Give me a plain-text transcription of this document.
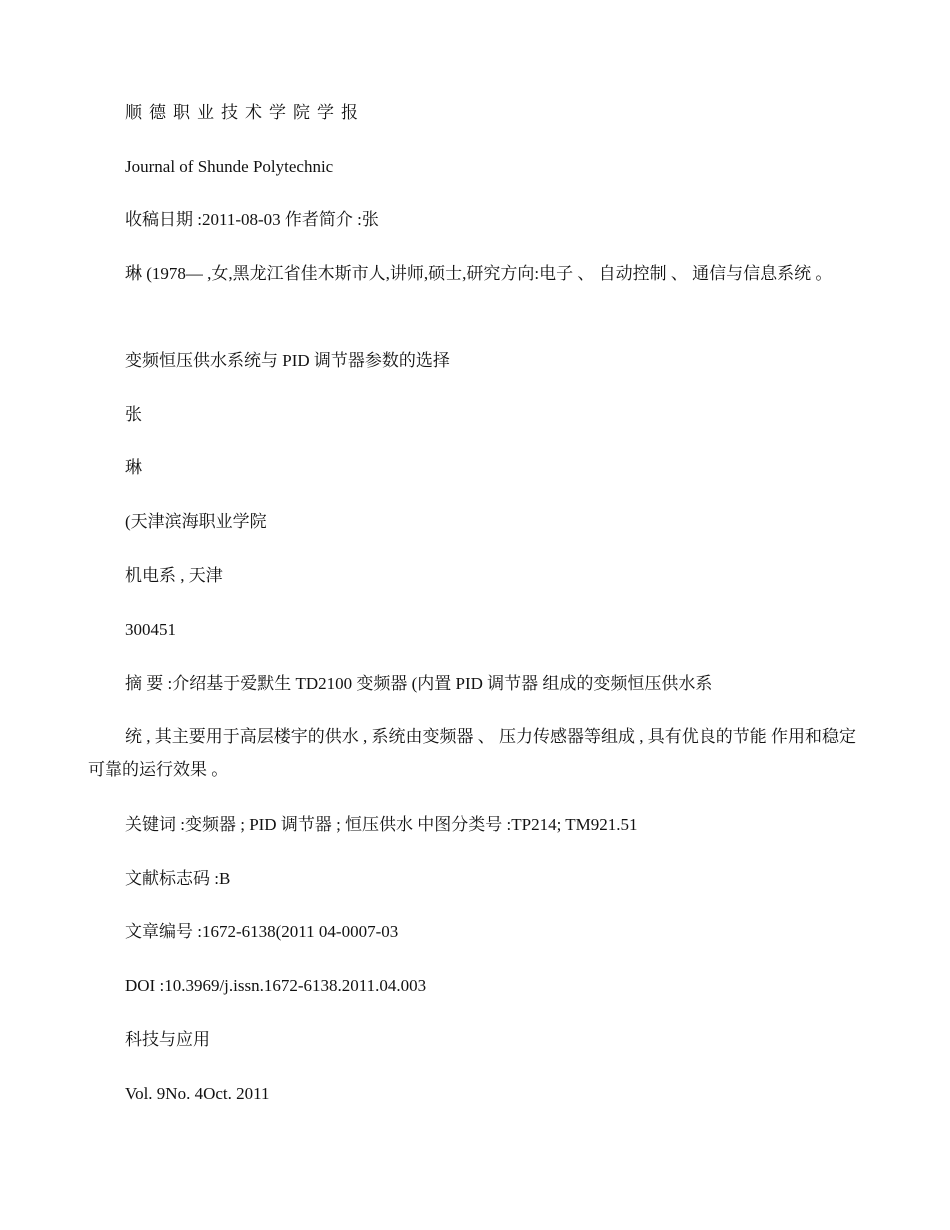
顺德职业技术学院学报

Journal of Shunde Polytechnic

收稿日期 :2011-08-03 作者简介 :张

琳 (1978— ,女,黑龙江省佳木斯市人,讲师,硕士,研究方向:电子 、 自动控制 、 通信与信息系统 。

变频恒压供水系统与 PID 调节器参数的选择

张

琳

(天津滨海职业学院

机电系 , 天津

300451

摘 要 :介绍基于爱默生 TD2100 变频器 (内置 PID 调节器 组成的变频恒压供水系

统 , 其主要用于高层楼宇的供水 , 系统由变频器 、 压力传感器等组成 , 具有优良的节能 作用和稳定可靠的运行效果 。

关键词 :变频器 ; PID 调节器 ; 恒压供水 中图分类号 :TP214; TM921.51

文献标志码 :B

文章编号 :1672-6138(2011 04-0007-03

DOI :10.3969/j.issn.1672-6138.2011.04.003

科技与应用

Vol. 9No. 4Oct. 2011
